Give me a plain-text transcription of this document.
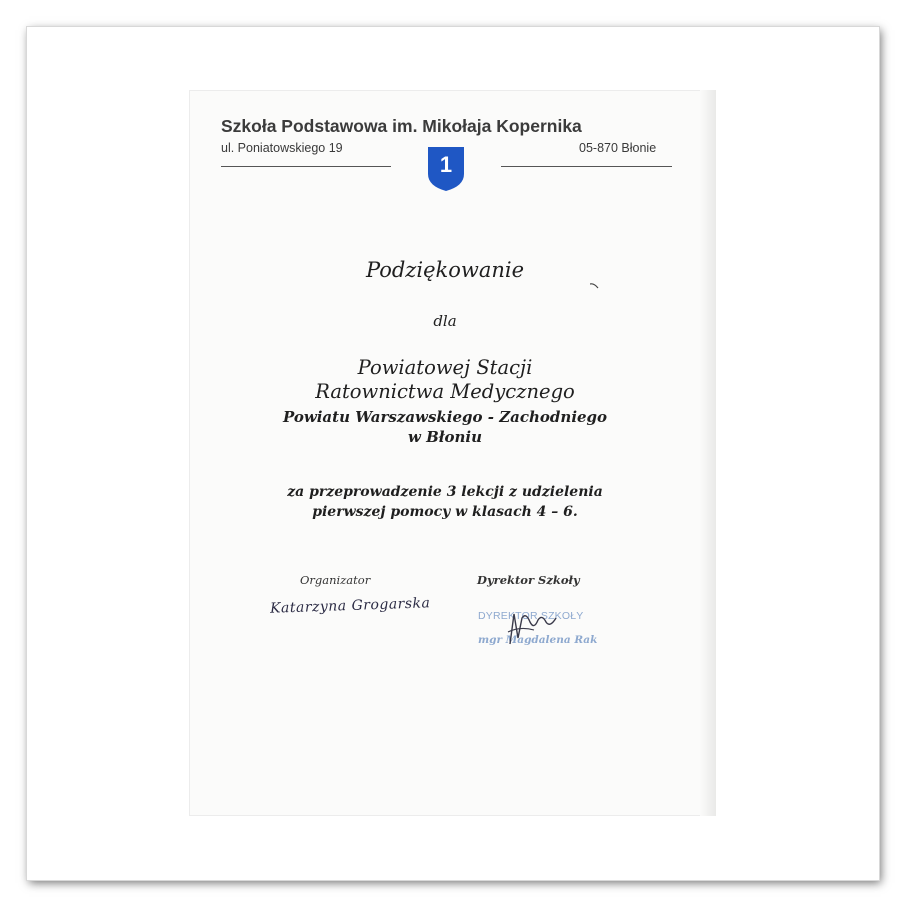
Szkoła Podstawowa im. Mikołaja Kopernika
ul. Poniatowskiego 19	05-870 Błonie
1
Podziękowanie
dla
Powiatowej Stacji
Ratownictwa Medycznego
Powiatu Warszawskiego - Zachodniego
w Błoniu
za przeprowadzenie 3 lekcji z udzielenia
pierwszej pomocy w klasach 4 – 6.
Organizator	Dyrektor Szkoły
Katarzyna Grogarska	DYREKTOR SZKOŁY
mgr Magdalena Rak
